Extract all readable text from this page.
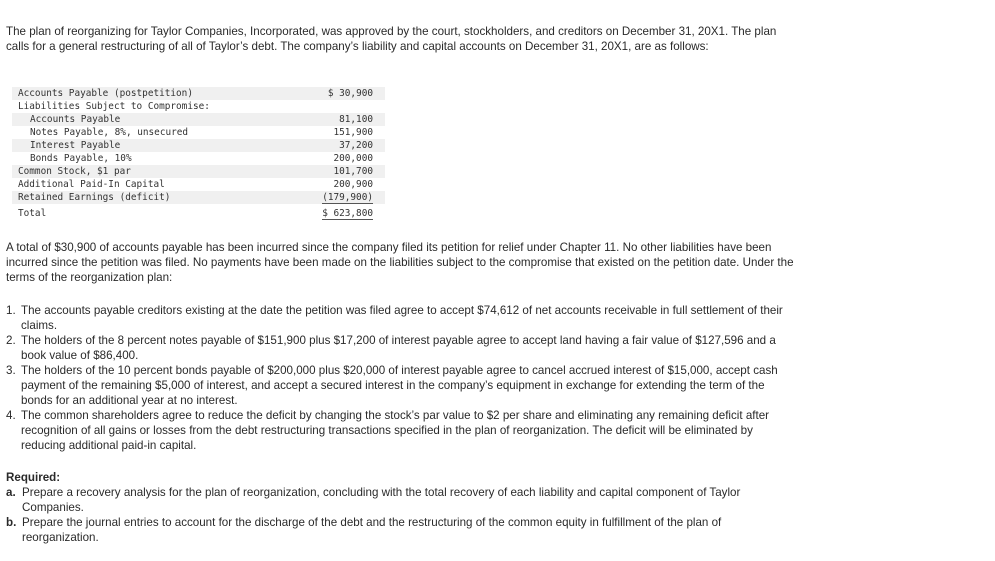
The plan of reorganizing for Taylor Companies, Incorporated, was approved by the court, stockholders, and creditors on December 31, 20X1. The plan calls for a general restructuring of all of Taylor’s debt. The company’s liability and capital accounts on December 31, 20X1, are as follows:

Accounts Payable (postpetition)	$ 30,900
Liabilities Subject to Compromise:
Accounts Payable	81,100
Notes Payable, 8%, unsecured	151,900
Interest Payable	37,200
Bonds Payable, 10%	200,000
Common Stock, $1 par	101,700
Additional Paid-In Capital	200,900
Retained Earnings (deficit)	(179,900)
Total	$ 623,800

A total of $30,900 of accounts payable has been incurred since the company filed its petition for relief under Chapter 11. No other liabilities have been incurred since the petition was filed. No payments have been made on the liabilities subject to the compromise that existed on the petition date. Under the terms of the reorganization plan:

1. The accounts payable creditors existing at the date the petition was filed agree to accept $74,612 of net accounts receivable in full settlement of their claims.
2. The holders of the 8 percent notes payable of $151,900 plus $17,200 of interest payable agree to accept land having a fair value of $127,596 and a book value of $86,400.
3. The holders of the 10 percent bonds payable of $200,000 plus $20,000 of interest payable agree to cancel accrued interest of $15,000, accept cash payment of the remaining $5,000 of interest, and accept a secured interest in the company’s equipment in exchange for extending the term of the bonds for an additional year at no interest.
4. The common shareholders agree to reduce the deficit by changing the stock’s par value to $2 per share and eliminating any remaining deficit after recognition of all gains or losses from the debt restructuring transactions specified in the plan of reorganization. The deficit will be eliminated by reducing additional paid-in capital.
Required:
a. Prepare a recovery analysis for the plan of reorganization, concluding with the total recovery of each liability and capital component of Taylor Companies.
b. Prepare the journal entries to account for the discharge of the debt and the restructuring of the common equity in fulfillment of the plan of reorganization.
